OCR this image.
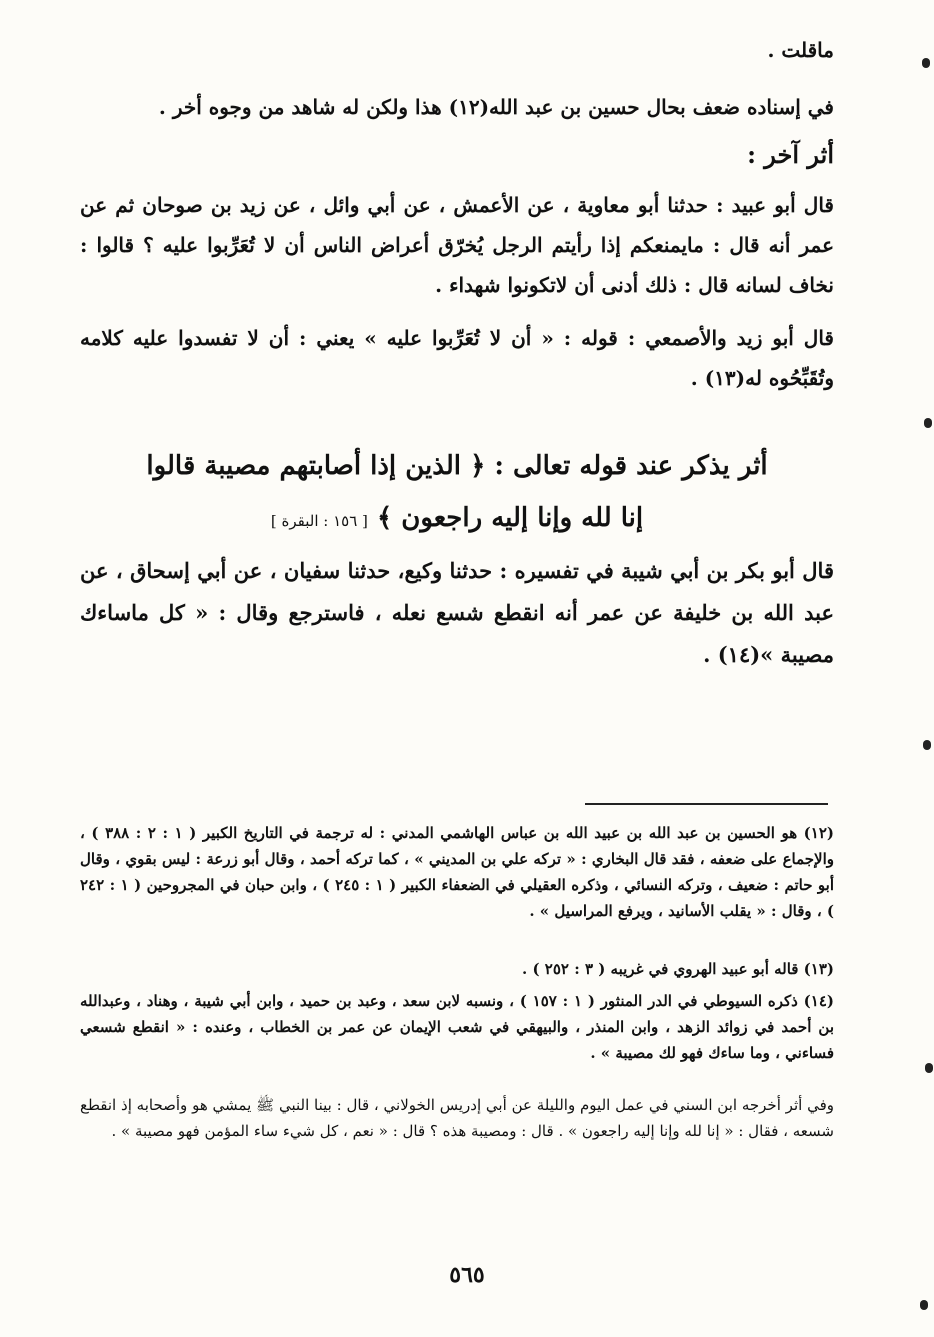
ماقلت .
في إسناده ضعف بحال حسين بن عبد الله(١٢) هذا ولكن له شاهد من وجوه أخر .
أثر آخر :
قال أبو عبيد : حدثنا أبو معاوية ، عن الأعمش ، عن أبي وائل ، عن زيد بن صوحان ثم عن عمر أنه قال : مايمنعكم إذا رأيتم الرجل يُخرّق أعراض الناس أن لا تُعَرِّبوا عليه ؟ قالوا : نخاف لسانه قال : ذلك أدنى أن لاتكونوا شهداء .
قال أبو زيد والأصمعي : قوله : « أن لا تُعَرِّبوا عليه » يعني : أن لا تفسدوا عليه كلامه وتُقَبِّحُوه له(١٣) .
أثر يذكر عند قوله تعالى : ﴿ الذين إذا أصابتهم مصيبة قالوا
إنا لله وإنا إليه راجعون ﴾ [ ١٥٦ : البقرة ]
قال أبو بكر بن أبي شيبة في تفسيره : حدثنا وكيع، حدثنا سفيان ، عن أبي إسحاق ، عن عبد الله بن خليفة عن عمر أنه انقطع شسع نعله ، فاسترجع وقال : « كل ماساءك مصيبة »(١٤) .
(١٢) هو الحسين بن عبد الله بن عبيد الله بن عباس الهاشمي المدني : له ترجمة في التاريخ الكبير ( ١ : ٢ : ٣٨٨ ) ، والإجماع على ضعفه ، فقد قال البخاري : « تركه علي بن المديني » ، كما تركه أحمد ، وقال أبو زرعة : ليس بقوي ، وقال أبو حاتم : ضعيف ، وتركه النسائي ، وذكره العقيلي في الضعفاء الكبير ( ١ : ٢٤٥ ) ، وابن حبان في المجروحين ( ١ : ٢٤٢ ) ، وقال : « يقلب الأسانيد ، ويرفع المراسيل » .
(١٣) قاله أبو عبيد الهروي في غريبه ( ٣ : ٢٥٢ ) .
(١٤) ذكره السيوطي في الدر المنثور ( ١ : ١٥٧ ) ، ونسبه لابن سعد ، وعبد بن حميد ، وابن أبي شيبة ، وهناد ، وعبدالله بن أحمد في زوائد الزهد ، وابن المنذر ، والبيهقي في شعب الإيمان عن عمر بن الخطاب ، وعنده : « انقطع شسعي فساءني ، وما ساءك فهو لك مصيبة » .
وفي أثر أخرجه ابن السني في عمل اليوم والليلة عن أبي إدريس الخولاني ، قال : بينا النبي ﷺ يمشي هو وأصحابه إذ انقطع شسعه ، فقال : « إنا لله وإنا إليه راجعون » . قال : ومصيبة هذه ؟ قال : « نعم ، كل شيء ساء المؤمن فهو مصيبة » .
٥٦٥
